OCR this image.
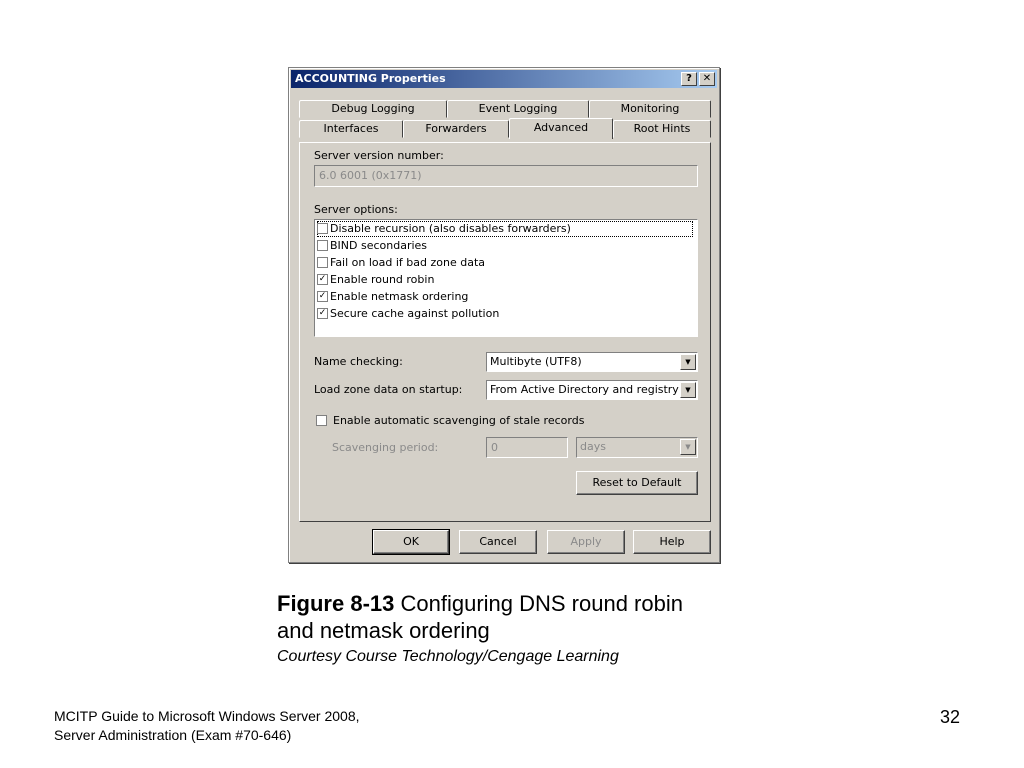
ACCOUNTING Properties	?	✕
Debug Logging	Event Logging	Monitoring
Interfaces	Forwarders	Advanced	Root Hints
Server version number:
6.0 6001 (0x1771)
Server options:
Disable recursion (also disables forwarders)
BIND secondaries
Fail on load if bad zone data
✓ Enable round robin
✓ Enable netmask ordering
✓ Secure cache against pollution
Name checking:	Multibyte (UTF8)	▼
Load zone data on startup:	From Active Directory and registry ▼
Enable automatic scavenging of stale records
Scavenging period:	0	days	▼
Reset to Default
OK	Cancel	Apply	Help
Figure 8-13 Configuring DNS round robin
and netmask ordering
Courtesy Course Technology/Cengage Learning
MCITP Guide to Microsoft Windows Server 2008,
Server Administration (Exam #70-646)
32
